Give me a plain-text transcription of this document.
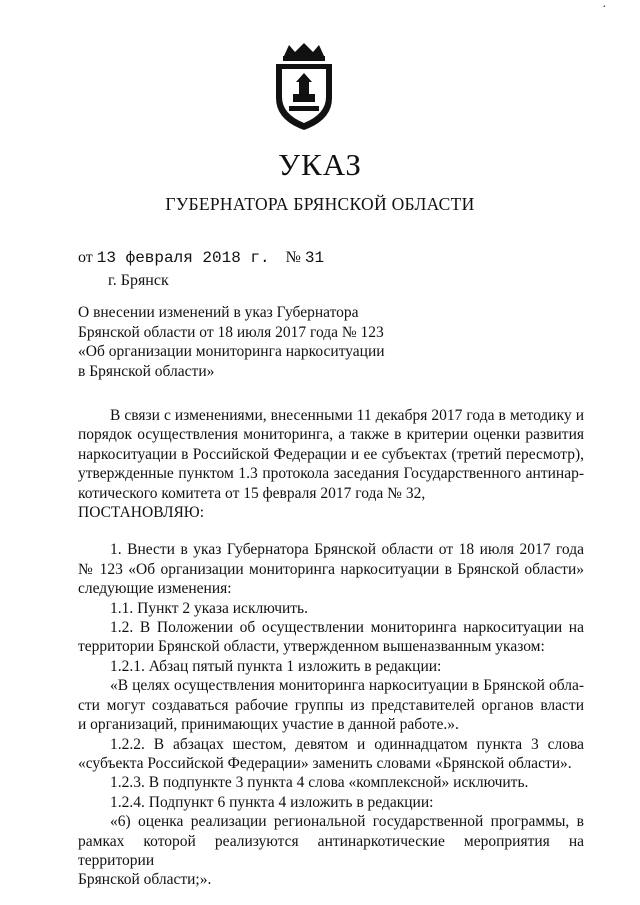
·
УКАЗ
ГУБЕРНАТОРА БРЯНСКОЙ ОБЛАСТИ
от 13 февраля 2018 г. № 31
г. Брянск
О внесении изменений в указ Губернатора
Брянской области от 18 июля 2017 года № 123
«Об организации мониторинга наркоситуации
в Брянской области»

В связи с изменениями, внесенными 11 декабря 2017 года в методику и
порядок осуществления мониторинга, а также в критерии оценки развития
наркоситуации в Российской Федерации и ее субъектах (третий пересмотр),
утвержденные пунктом 1.3 протокола заседания Государственного антинар-
котического комитета от 15 февраля 2017 года № 32,

ПОСТАНОВЛЯЮ:

1. Внести в указ Губернатора Брянской области от 18 июля 2017 года
№ 123 «Об организации мониторинга наркоситуации в Брянской области»
следующие изменения:

1.1. Пункт 2 указа исключить.

1.2. В Положении об осуществлении мониторинга наркоситуации на
территории Брянской области, утвержденном вышеназванным указом:

1.2.1. Абзац пятый пункта 1 изложить в редакции:

«В целях осуществления мониторинга наркоситуации в Брянской обла-
сти могут создаваться рабочие группы из представителей органов власти
и организаций, принимающих участие в данной работе.».

1.2.2. В абзацах шестом, девятом и одиннадцатом пункта 3 слова
«субъекта Российской Федерации» заменить словами «Брянской области».

1.2.3. В подпункте 3 пункта 4 слова «комплексной» исключить.

1.2.4. Подпункт 6 пункта 4 изложить в редакции:

«6) оценка реализации региональной государственной программы, в
рамках которой реализуются антинаркотические мероприятия на территории
Брянской области;».
